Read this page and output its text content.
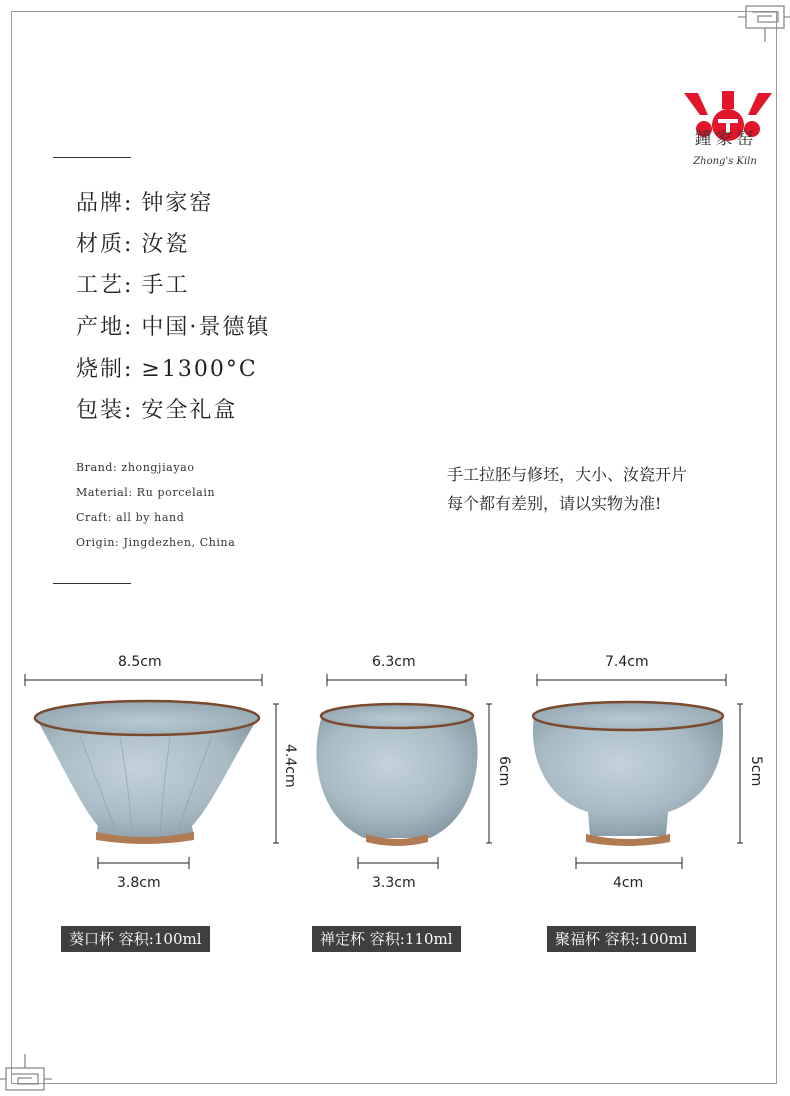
鐘家窑
Zhong's Kiln
品牌: 钟家窑
材质: 汝瓷
工艺: 手工
产地: 中国·景德镇
烧制: ≥1300°C
包装: 安全礼盒
Brand: zhongjiayao
Material: Ru porcelain
Craft: all by hand
Origin: Jingdezhen, China
手工拉胚与修坯，大小、汝瓷开片
每个都有差别，请以实物为准!
8.5cm
4.4cm
3.8cm
6.3cm
6cm
3.3cm
7.4cm
5cm
4cm
葵口杯 容积:100ml	禅定杯 容积:110ml	聚福杯 容积:100ml
